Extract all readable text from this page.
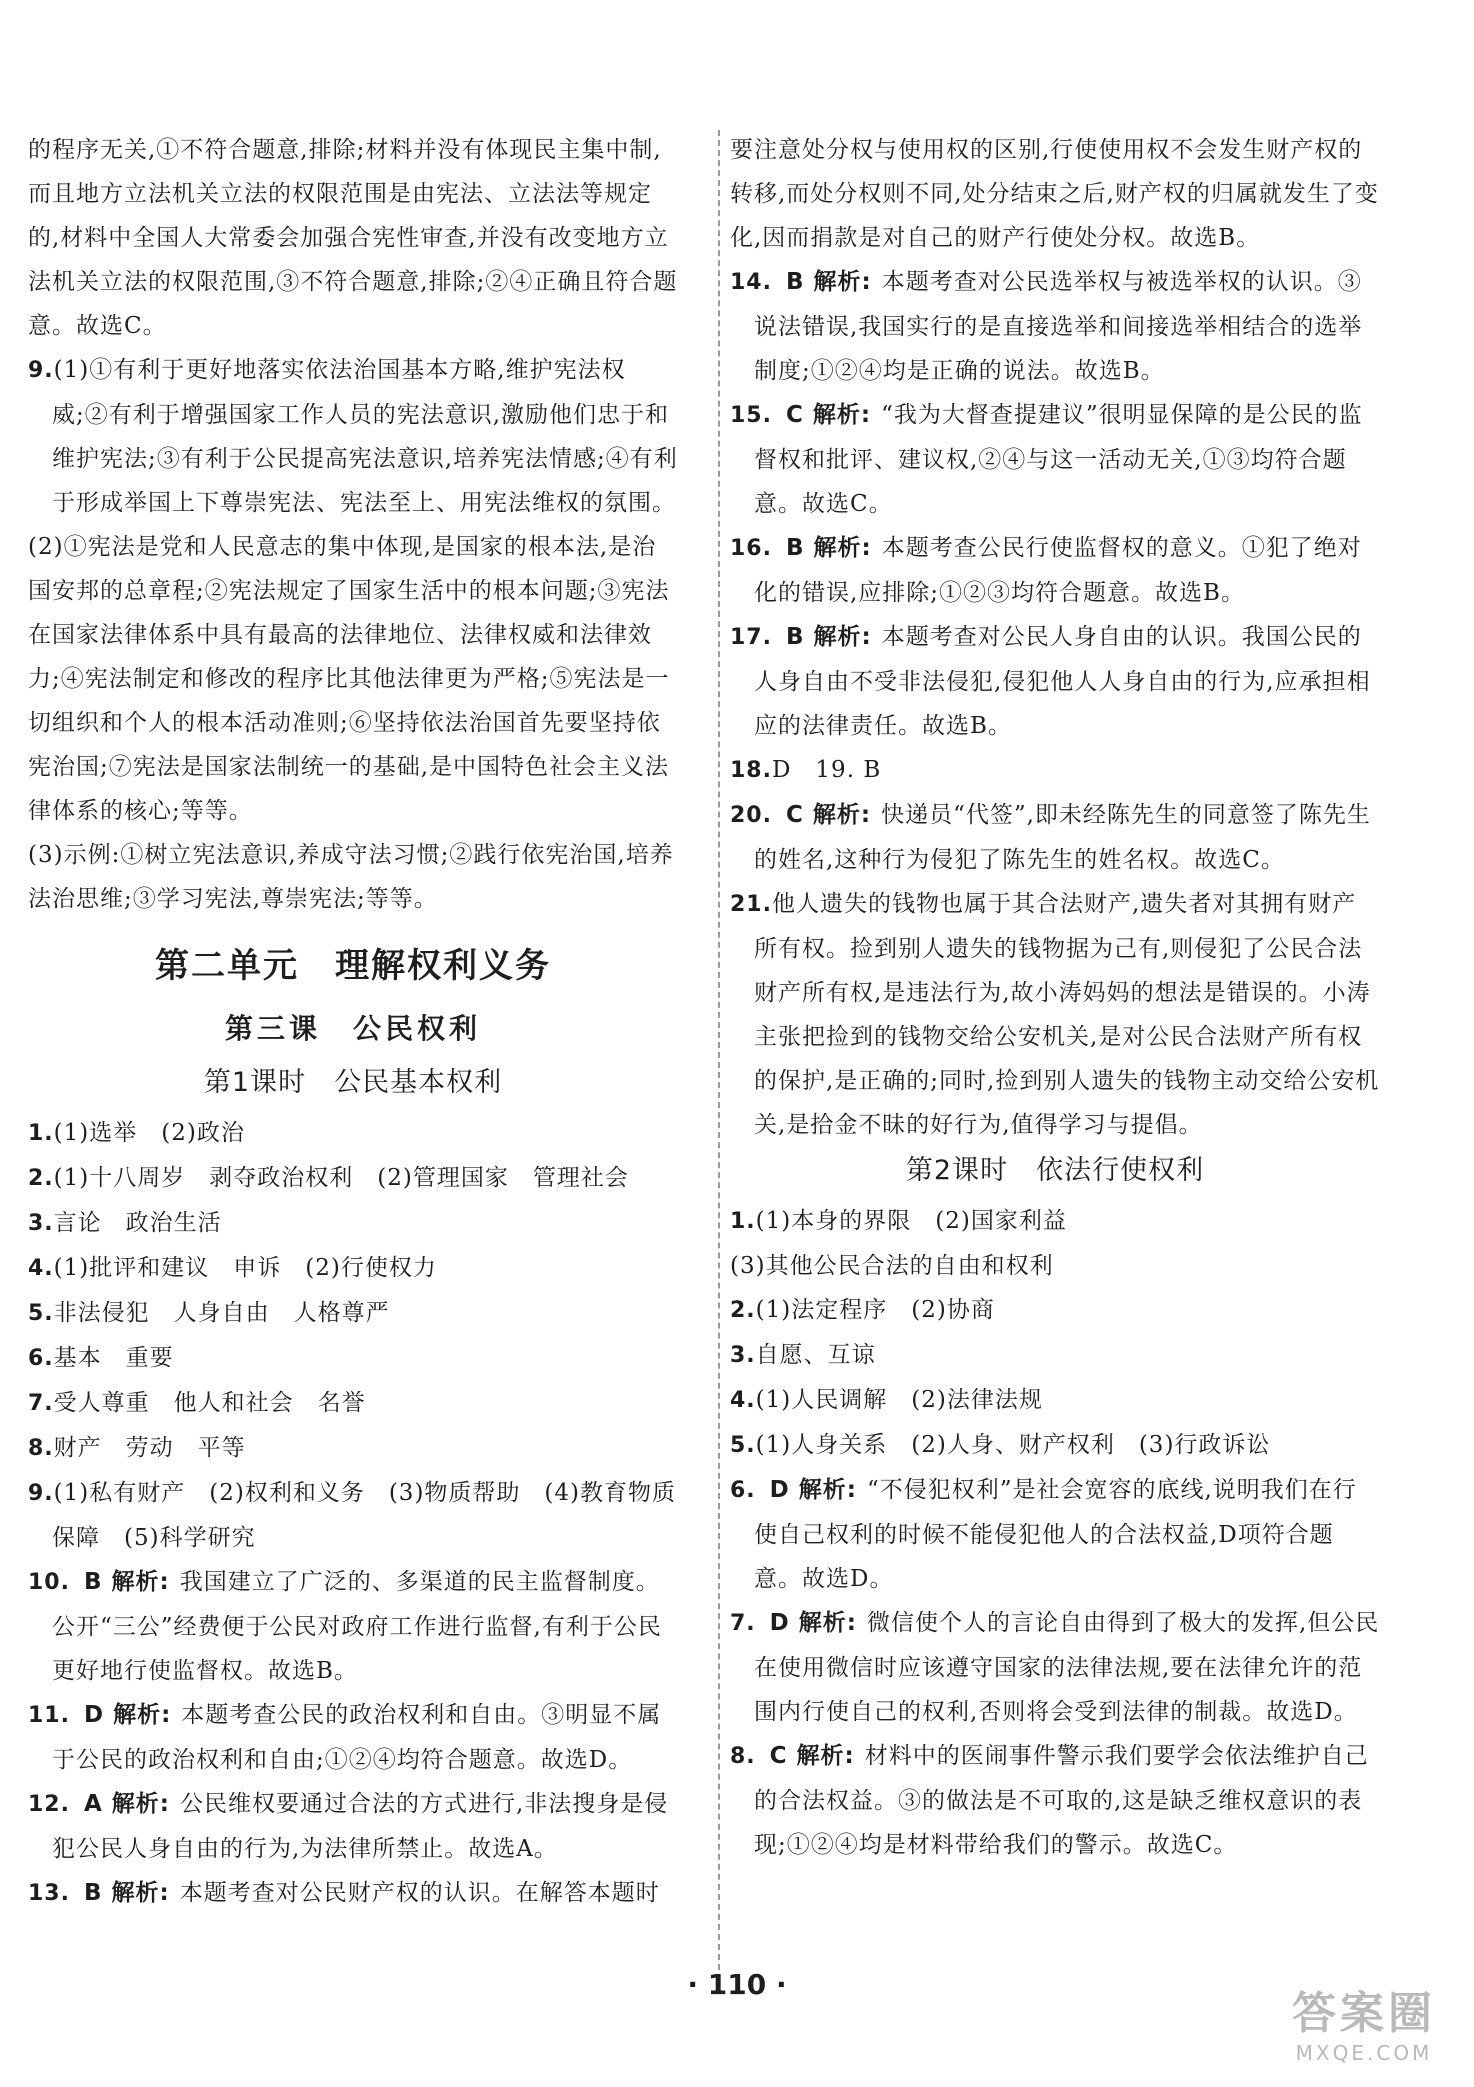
的程序无关,①不符合题意,排除;材料并没有体现民主集中制,而且地方立法机关立法的权限范围是由宪法、立法法等规定的,材料中全国人大常委会加强合宪性审查,并没有改变地方立法机关立法的权限范围,③不符合题意,排除;②④正确且符合题意。故选C。

9.(1)①有利于更好地落实依法治国基本方略,维护宪法权威;②有利于增强国家工作人员的宪法意识,激励他们忠于和维护宪法;③有利于公民提高宪法意识,培养宪法情感;④有利于形成举国上下尊崇宪法、宪法至上、用宪法维权的氛围。

(2)①宪法是党和人民意志的集中体现,是国家的根本法,是治国安邦的总章程;②宪法规定了国家生活中的根本问题;③宪法在国家法律体系中具有最高的法律地位、法律权威和法律效力;④宪法制定和修改的程序比其他法律更为严格;⑤宪法是一切组织和个人的根本活动准则;⑥坚持依法治国首先要坚持依宪治国;⑦宪法是国家法制统一的基础,是中国特色社会主义法律体系的核心;等等。

(3)示例:①树立宪法意识,养成守法习惯;②践行依宪治国,培养法治思维;③学习宪法,尊崇宪法;等等。

第二单元　理解权利义务
第三课　公民权利
第1课时　公民基本权利

1.(1)选举　(2)政治

2.(1)十八周岁　剥夺政治权利　(2)管理国家　管理社会

3.言论　政治生活

4.(1)批评和建议　申诉　(2)行使权力

5.非法侵犯　人身自由　人格尊严

6.基本　重要

7.受人尊重　他人和社会　名誉

8.财产　劳动　平等

9.(1)私有财产　(2)权利和义务　(3)物质帮助　(4)教育物质保障　(5)科学研究

10. B 解析: 我国建立了广泛的、多渠道的民主监督制度。公开“三公”经费便于公民对政府工作进行监督,有利于公民更好地行使监督权。故选B。

11. D 解析: 本题考查公民的政治权利和自由。③明显不属于公民的政治权利和自由;①②④均符合题意。故选D。

12. A 解析: 公民维权要通过合法的方式进行,非法搜身是侵犯公民人身自由的行为,为法律所禁止。故选A。

13. B 解析: 本题考查对公民财产权的认识。在解答本题时

要注意处分权与使用权的区别,行使使用权不会发生财产权的转移,而处分权则不同,处分结束之后,财产权的归属就发生了变化,因而捐款是对自己的财产行使处分权。故选B。

14. B 解析: 本题考查对公民选举权与被选举权的认识。③说法错误,我国实行的是直接选举和间接选举相结合的选举制度;①②④均是正确的说法。故选B。

15. C 解析: “我为大督查提建议”很明显保障的是公民的监督权和批评、建议权,②④与这一活动无关,①③均符合题意。故选C。

16. B 解析: 本题考查公民行使监督权的意义。①犯了绝对化的错误,应排除;①②③均符合题意。故选B。

17. B 解析: 本题考查对公民人身自由的认识。我国公民的人身自由不受非法侵犯,侵犯他人人身自由的行为,应承担相应的法律责任。故选B。

18.D　19. B

20. C 解析: 快递员“代签”,即未经陈先生的同意签了陈先生的姓名,这种行为侵犯了陈先生的姓名权。故选C。

21.他人遗失的钱物也属于其合法财产,遗失者对其拥有财产所有权。捡到别人遗失的钱物据为己有,则侵犯了公民合法财产所有权,是违法行为,故小涛妈妈的想法是错误的。小涛主张把捡到的钱物交给公安机关,是对公民合法财产所有权的保护,是正确的;同时,捡到别人遗失的钱物主动交给公安机关,是拾金不昧的好行为,值得学习与提倡。

第2课时　依法行使权利

1.(1)本身的界限　(2)国家利益

(3)其他公民合法的自由和权利

2.(1)法定程序　(2)协商

3.自愿、互谅

4.(1)人民调解　(2)法律法规

5.(1)人身关系　(2)人身、财产权利　(3)行政诉讼

6. D 解析: “不侵犯权利”是社会宽容的底线,说明我们在行使自己权利的时候不能侵犯他人的合法权益,D项符合题意。故选D。

7. D 解析: 微信使个人的言论自由得到了极大的发挥,但公民在使用微信时应该遵守国家的法律法规,要在法律允许的范围内行使自己的权利,否则将会受到法律的制裁。故选D。

8. C 解析: 材料中的医闹事件警示我们要学会依法维护自己的合法权益。③的做法是不可取的,这是缺乏维权意识的表现;①②④均是材料带给我们的警示。故选C。

· 110 ·
答案圈
MXQE.COM
